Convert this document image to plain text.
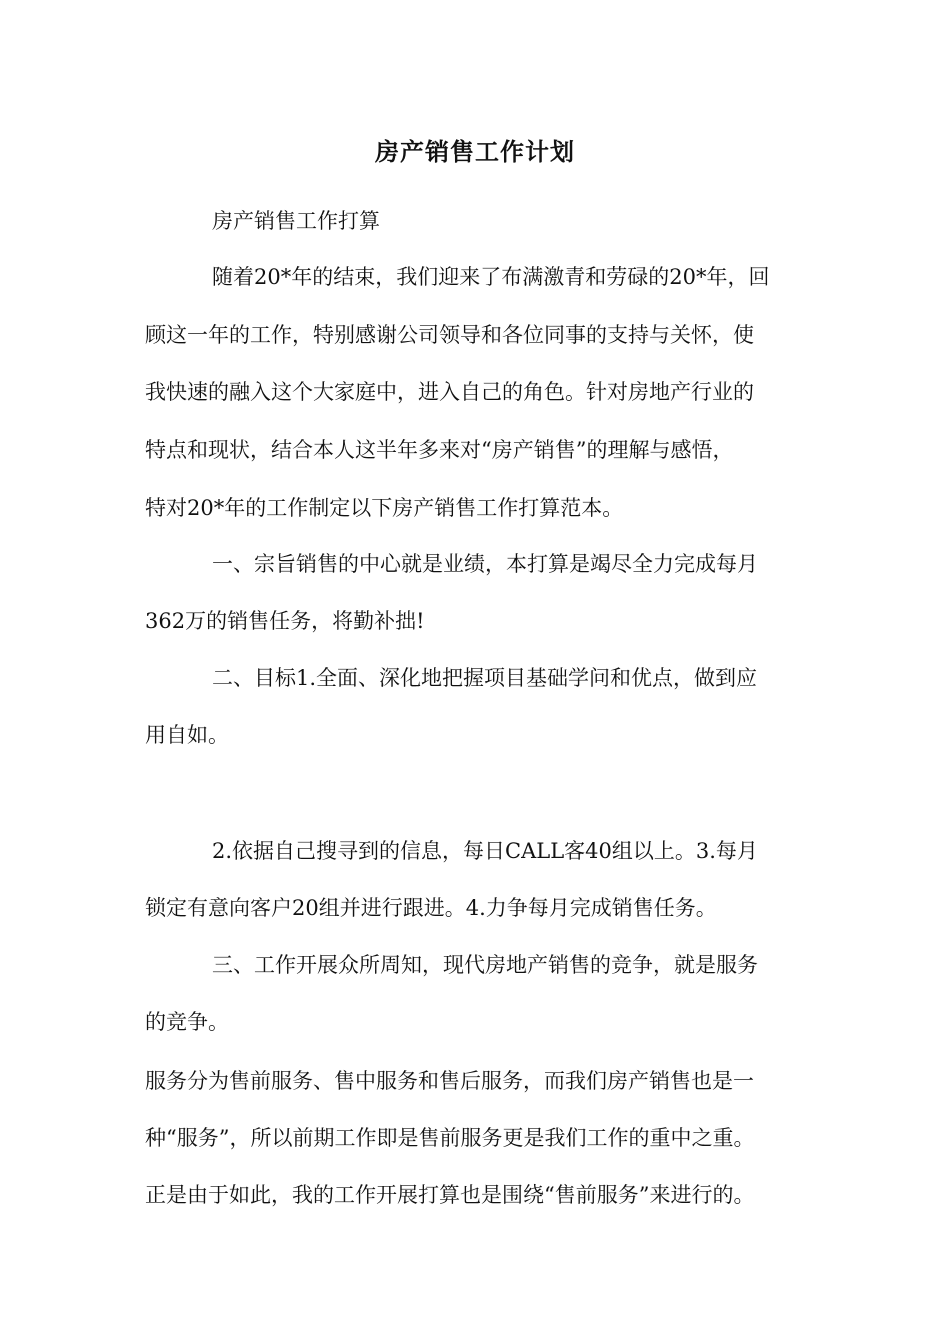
房产销售工作计划
房产销售工作打算
随着20*年的结束，我们迎来了布满激青和劳碌的20*年，回
顾这一年的工作，特别感谢公司领导和各位同事的支持与关怀，使
我快速的融入这个大家庭中，进入自己的角色。针对房地产行业的
特点和现状，结合本人这半年多来对“房产销售”的理解与感悟，
特对20*年的工作制定以下房产销售工作打算范本。
一、宗旨销售的中心就是业绩，本打算是竭尽全力完成每月
362万的销售任务，将勤补拙!
二、目标1.全面、深化地把握项目基础学问和优点，做到应
用自如。
2.依据自己搜寻到的信息，每日CALL客40组以上。3.每月
锁定有意向客户20组并进行跟进。4.力争每月完成销售任务。
三、工作开展众所周知，现代房地产销售的竞争，就是服务
的竞争。
服务分为售前服务、售中服务和售后服务，而我们房产销售也是一
种“服务”，所以前期工作即是售前服务更是我们工作的重中之重。
正是由于如此，我的工作开展打算也是围绕“售前服务”来进行的。
